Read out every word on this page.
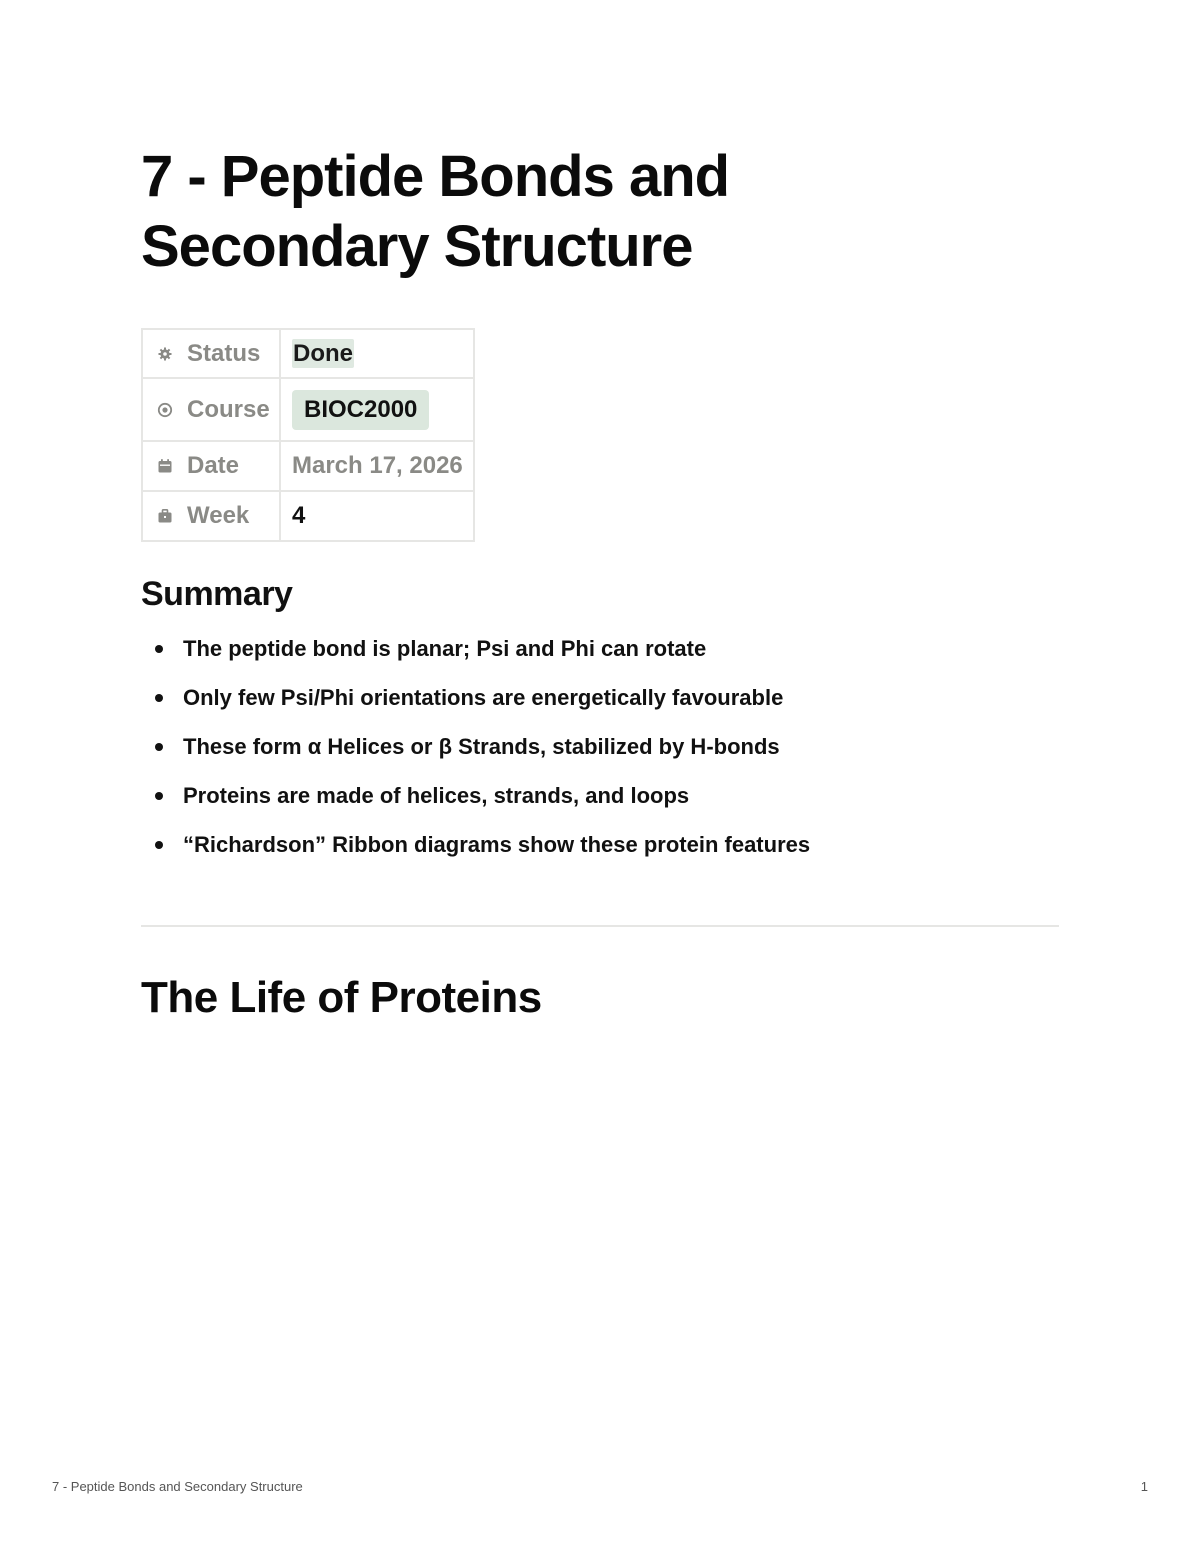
7 - Peptide Bonds and Secondary Structure
Status	Done

Course	BIOC2000

Date	March 17, 2026

Week	4
Summary
The peptide bond is planar; Psi and Phi can rotate
Only few Psi/Phi orientations are energetically favourable
These form α Helices or β Strands, stabilized by H-bonds
Proteins are made of helices, strands, and loops
“Richardson” Ribbon diagrams show these protein features
The Life of Proteins
7 - Peptide Bonds and Secondary Structure	1
